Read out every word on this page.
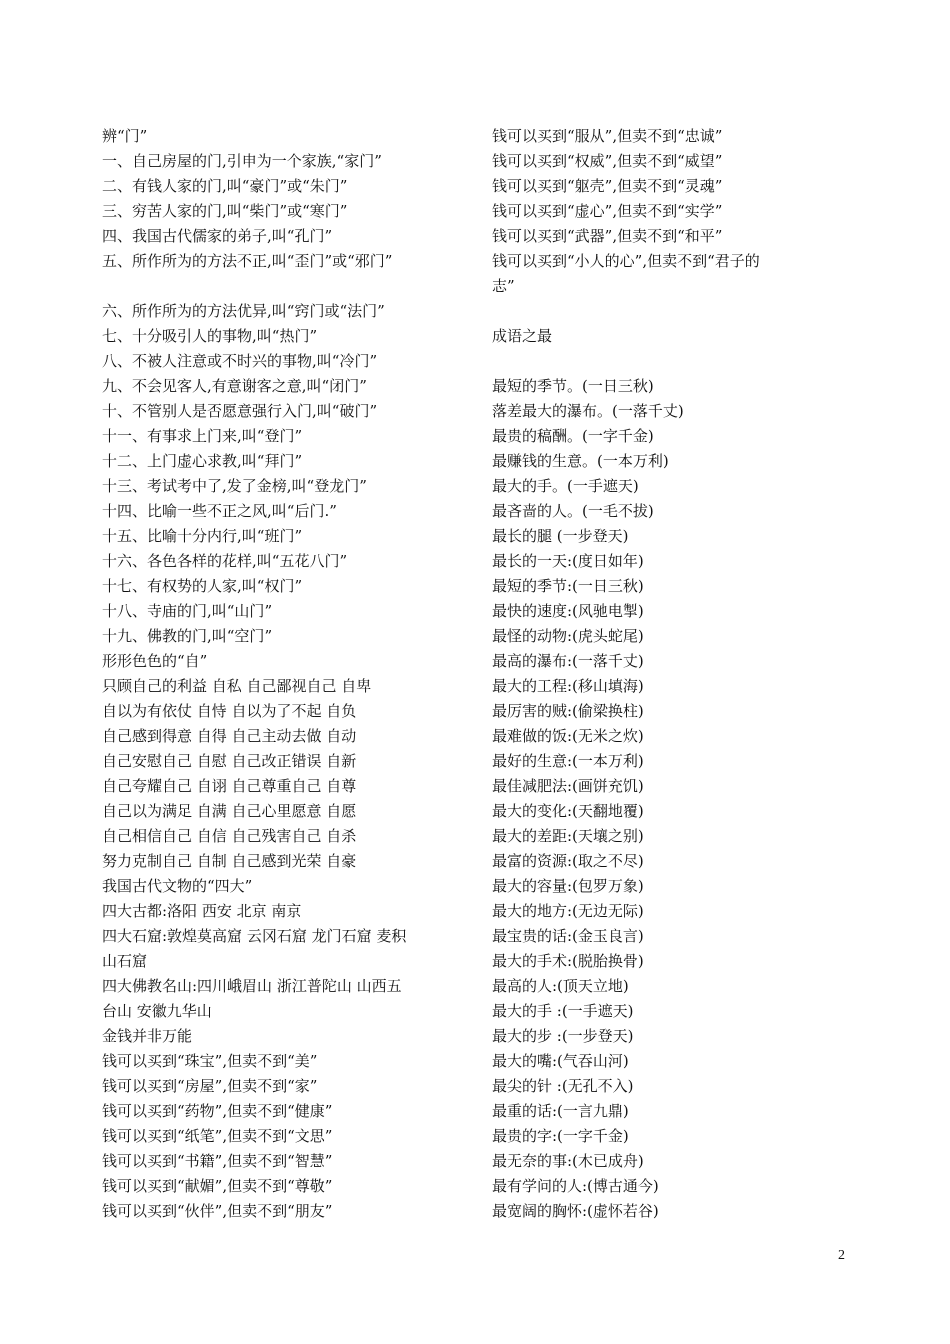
辨“门”
一、自己房屋的门,引申为一个家族,“家门”
二、有钱人家的门,叫“豪门”或“朱门”
三、穷苦人家的门,叫“柴门”或“寒门”
四、我国古代儒家的弟子,叫“孔门”
五、所作所为的方法不正,叫“歪门”或“邪门”
六、所作所为的方法优异,叫“窍门或“法门”
七、十分吸引人的事物,叫“热门”
八、不被人注意或不时兴的事物,叫“冷门”
九、不会见客人,有意谢客之意,叫“闭门”
十、不管别人是否愿意强行入门,叫“破门”
十一、有事求上门来,叫“登门”
十二、上门虚心求教,叫“拜门”
十三、考试考中了,发了金榜,叫“登龙门”
十四、比喻一些不正之风,叫“后门.”
十五、比喻十分内行,叫“班门”
十六、各色各样的花样,叫“五花八门”
十七、有权势的人家,叫“权门”
十八、寺庙的门,叫“山门”
十九、佛教的门,叫“空门”
形形色色的“自”
只顾自己的利益 自私 自己鄙视自己 自卑
自以为有依仗 自恃 自以为了不起 自负
自己感到得意 自得 自己主动去做 自动
自己安慰自己 自慰 自己改正错误 自新
自己夸耀自己 自诩 自己尊重自己 自尊
自己以为满足 自满 自己心里愿意 自愿
自己相信自己 自信 自己残害自己 自杀
努力克制自己 自制 自己感到光荣 自豪
我国古代文物的“四大”
四大古都:洛阳 西安 北京 南京
四大石窟:敦煌莫高窟 云冈石窟 龙门石窟 麦积
山石窟
四大佛教名山:四川峨眉山 浙江普陀山 山西五
台山 安徽九华山
金钱并非万能
钱可以买到“珠宝”,但卖不到“美”
钱可以买到“房屋”,但卖不到“家”
钱可以买到“药物”,但卖不到“健康”
钱可以买到“纸笔”,但卖不到“文思”
钱可以买到“书籍”,但卖不到“智慧”
钱可以买到“献媚”,但卖不到“尊敬”
钱可以买到“伙伴”,但卖不到“朋友”
钱可以买到“服从”,但卖不到“忠诚”
钱可以买到“权威”,但卖不到“威望”
钱可以买到“躯壳”,但卖不到“灵魂”
钱可以买到“虚心”,但卖不到“实学”
钱可以买到“武器”,但卖不到“和平”
钱可以买到“小人的心”,但卖不到“君子的
志”
成语之最
最短的季节。(一日三秋)
落差最大的瀑布。(一落千丈)
最贵的稿酬。(一字千金)
最赚钱的生意。(一本万利)
最大的手。(一手遮天)
最吝啬的人。(一毛不拔)
最长的腿 (一步登天)
最长的一天:(度日如年)
最短的季节:(一日三秋)
最快的速度:(风驰电掣)
最怪的动物:(虎头蛇尾)
最高的瀑布:(一落千丈)
最大的工程:(移山填海)
最厉害的贼:(偷梁换柱)
最难做的饭:(无米之炊)
最好的生意:(一本万利)
最佳减肥法:(画饼充饥)
最大的变化:(天翻地覆)
最大的差距:(天壤之别)
最富的资源:(取之不尽)
最大的容量:(包罗万象)
最大的地方:(无边无际)
最宝贵的话:(金玉良言)
最大的手术:(脱胎换骨)
最高的人:(顶天立地)
最大的手 :(一手遮天)
最大的步 :(一步登天)
最大的嘴:(气吞山河)
最尖的针 :(无孔不入)
最重的话:(一言九鼎)
最贵的字:(一字千金)
最无奈的事:(木已成舟)
最有学问的人:(博古通今)
最宽阔的胸怀:(虚怀若谷)
2
